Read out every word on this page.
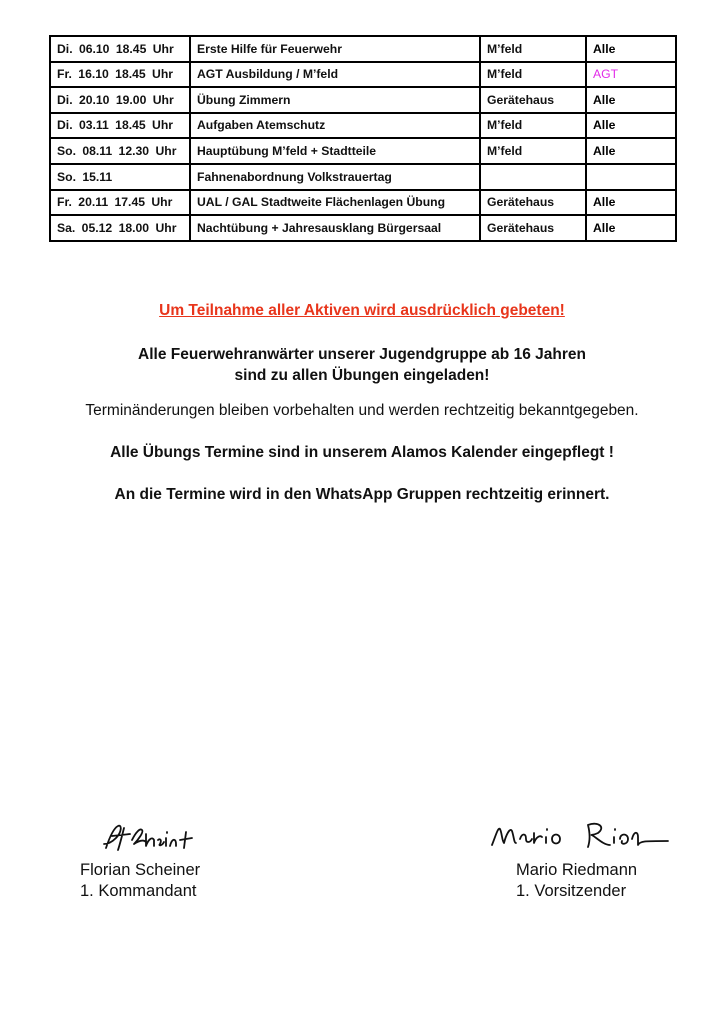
Di. 06.10 18.45 Uhr	Erste Hilfe für Feuerwehr	M’feld	Alle
Fr. 16.10 18.45 Uhr	AGT Ausbildung / M’feld	M’feld	AGT
Di. 20.10 19.00 Uhr	Übung Zimmern	Gerätehaus	Alle
Di. 03.11 18.45 Uhr	Aufgaben Atemschutz	M’feld	Alle
So. 08.11 12.30 Uhr	Hauptübung M’feld + Stadtteile	M’feld	Alle
So. 15.11	Fahnenabordnung Volkstrauertag		
Fr. 20.11 17.45 Uhr	UAL / GAL Stadtweite Flächenlagen Übung	Gerätehaus	Alle
Sa. 05.12 18.00 Uhr	Nachtübung + Jahresausklang Bürgersaal	Gerätehaus	Alle
Um Teilnahme aller Aktiven wird ausdrücklich gebeten!
Alle Feuerwehranwärter unserer Jugendgruppe ab 16 Jahren
sind zu allen Übungen eingeladen!
Terminänderungen bleiben vorbehalten und werden rechtzeitig bekanntgegeben.
Alle Übungs Termine sind in unserem Alamos Kalender eingepflegt !
An die Termine wird in den WhatsApp Gruppen rechtzeitig erinnert.
Florian Scheiner
1. Kommandant
Mario Riedmann
1. Vorsitzender
